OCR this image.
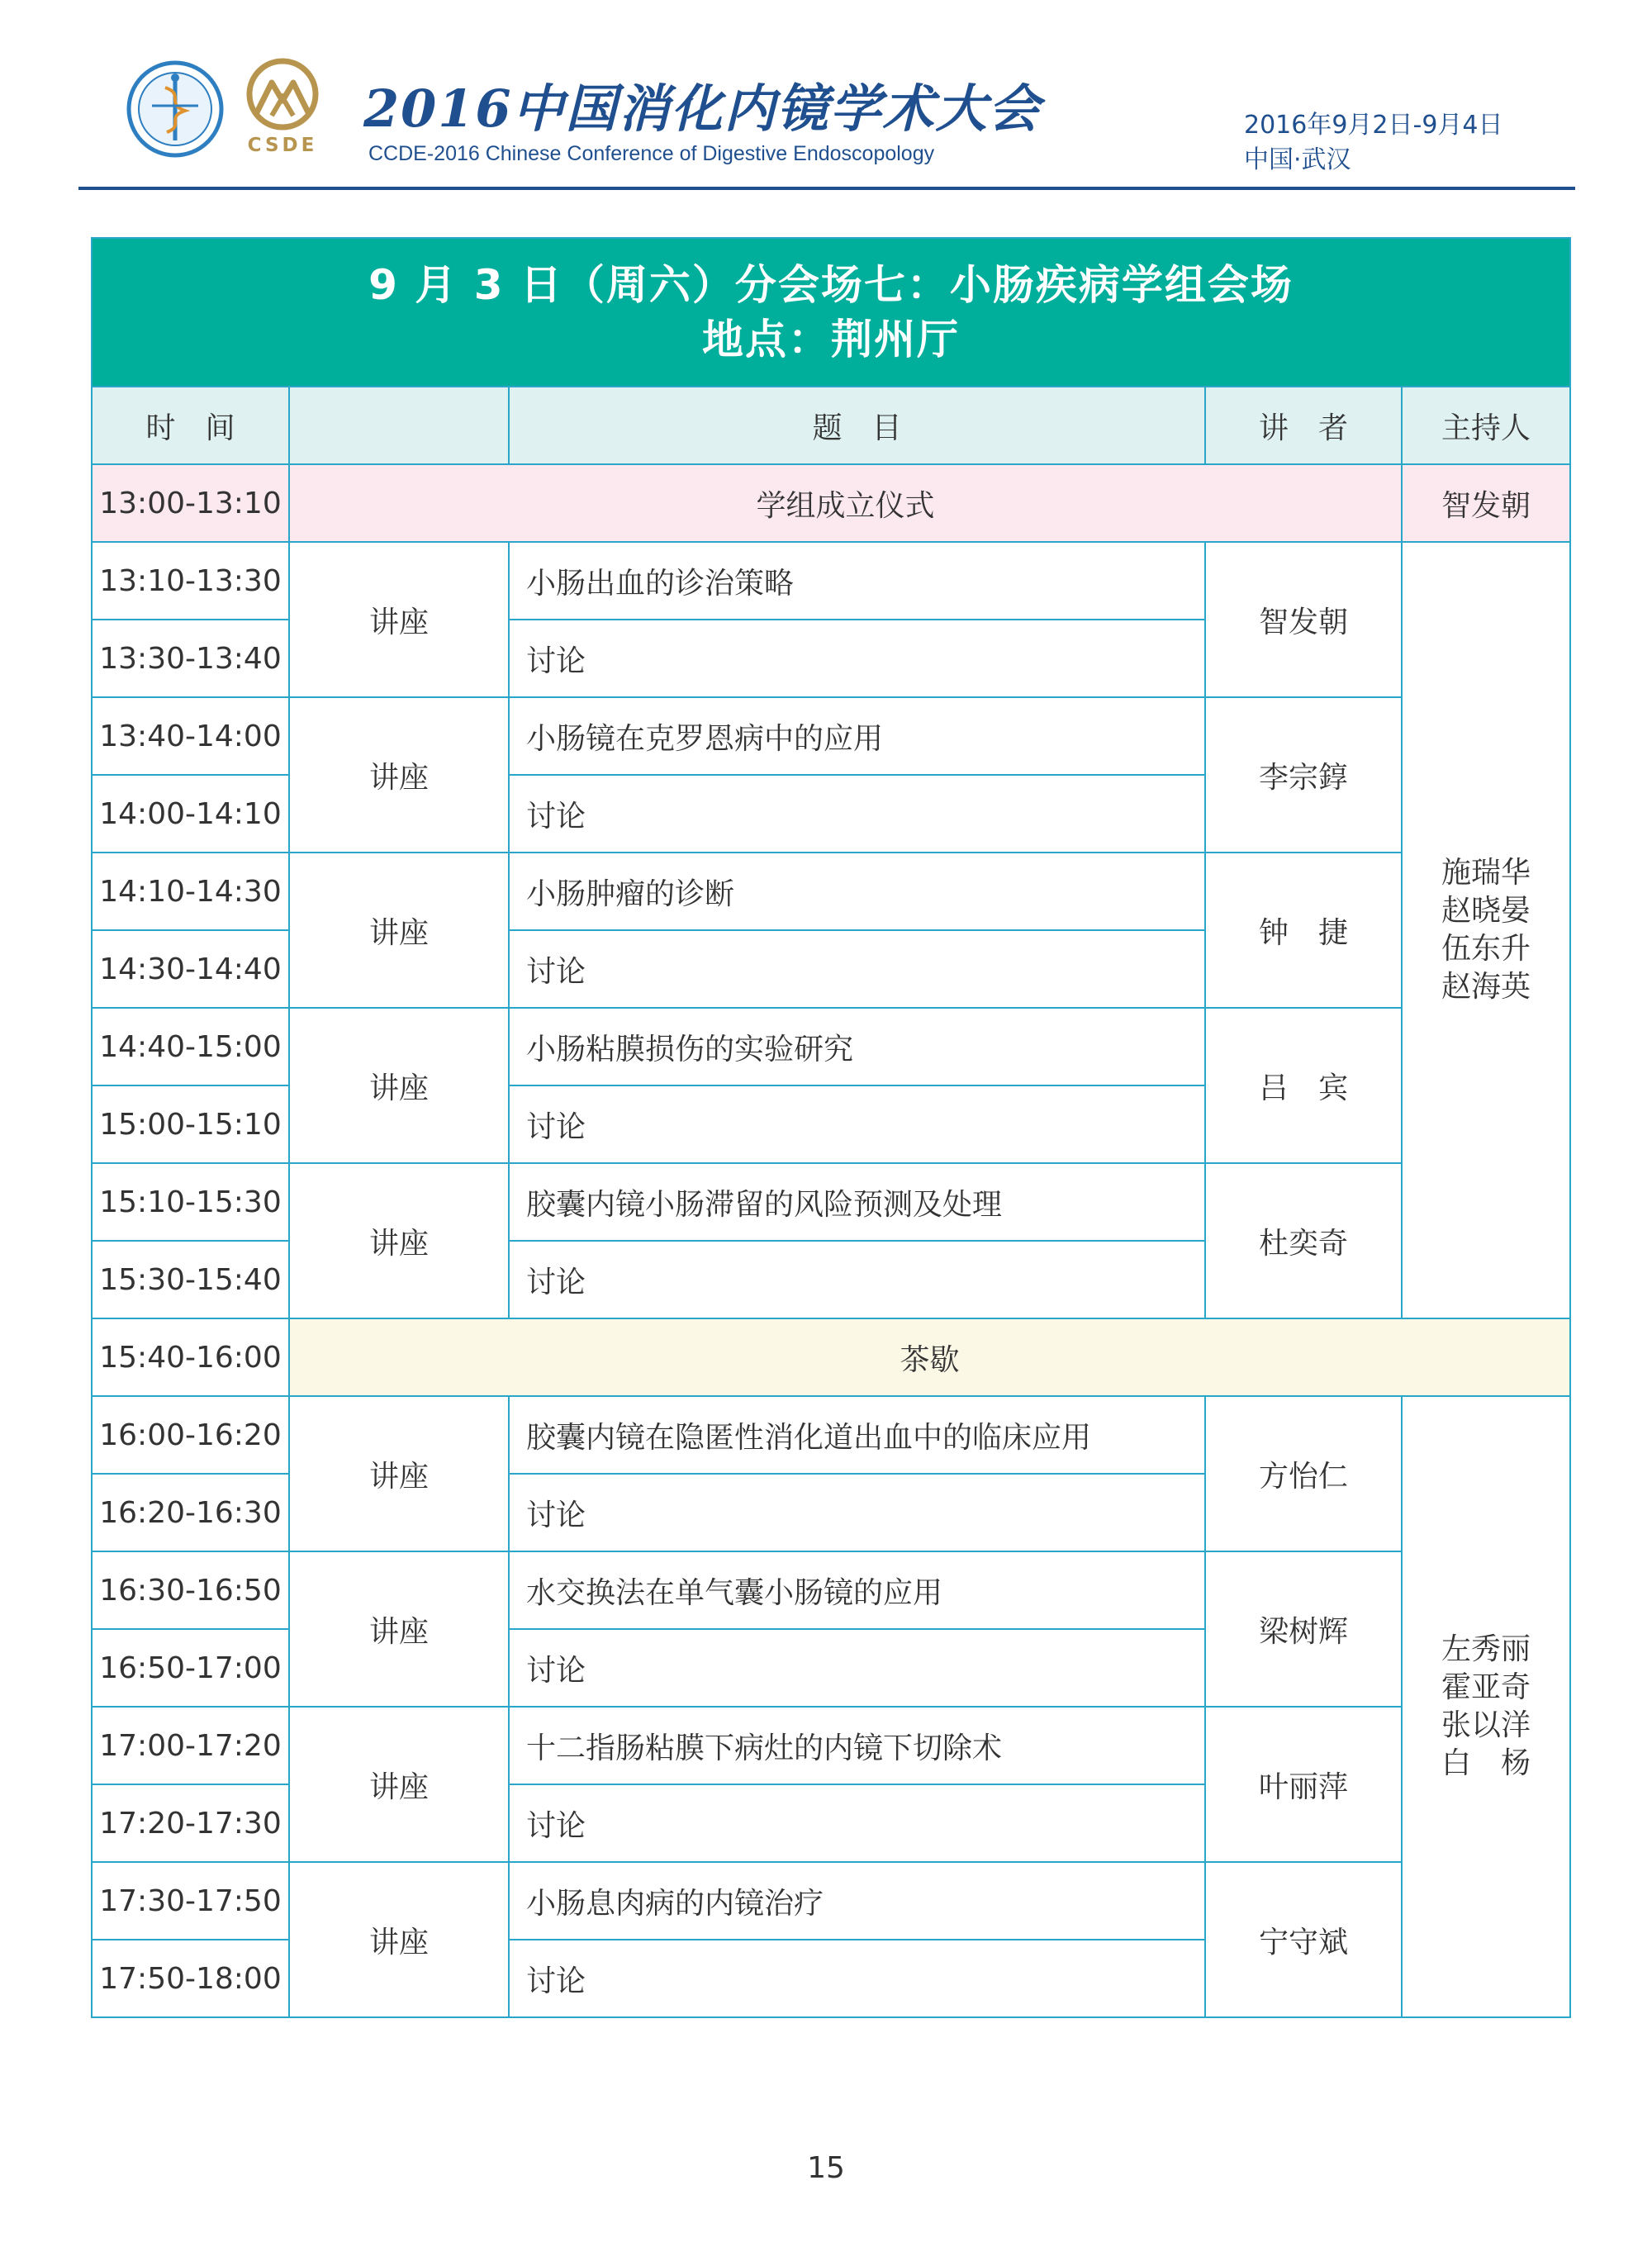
CSDE
2016中国消化内镜学术大会
CCDE-2016 Chinese Conference of Digestive Endoscopology
2016年9月2日-9月4日
中国·武汉
9 月 3 日（周六）分会场七：小肠疾病学组会场
地点：荆州厅				

时　间		题　目	讲　者	主持人
13:00-13:10	学组成立仪式			智发朝
13:10-13:30	讲座	小肠出血的诊治策略	智发朝	施瑞华
赵晓晏
伍东升
赵海英

13:30-13:40		讨论		
13:40-14:00	讲座	小肠镜在克罗恩病中的应用	李宗錞	
14:00-14:10		讨论		
14:10-14:30	讲座	小肠肿瘤的诊断	钟　捷	
14:30-14:40		讨论		
14:40-15:00	讲座	小肠粘膜损伤的实验研究	吕　宾	
15:00-15:10		讨论		
15:10-15:30	讲座	胶囊内镜小肠滞留的风险预测及处理	杜奕奇	
15:30-15:40		讨论		
15:40-16:00	茶歇			
16:00-16:20	讲座	胶囊内镜在隐匿性消化道出血中的临床应用	方怡仁	左秀丽
霍亚奇
张以洋
白　杨

16:20-16:30		讨论		
16:30-16:50	讲座	水交换法在单气囊小肠镜的应用	梁树辉	
16:50-17:00		讨论		
17:00-17:20	讲座	十二指肠粘膜下病灶的内镜下切除术	叶丽萍	
17:20-17:30		讨论		
17:30-17:50	讲座	小肠息肉病的内镜治疗	宁守斌	
17:50-18:00		讨论		
15
